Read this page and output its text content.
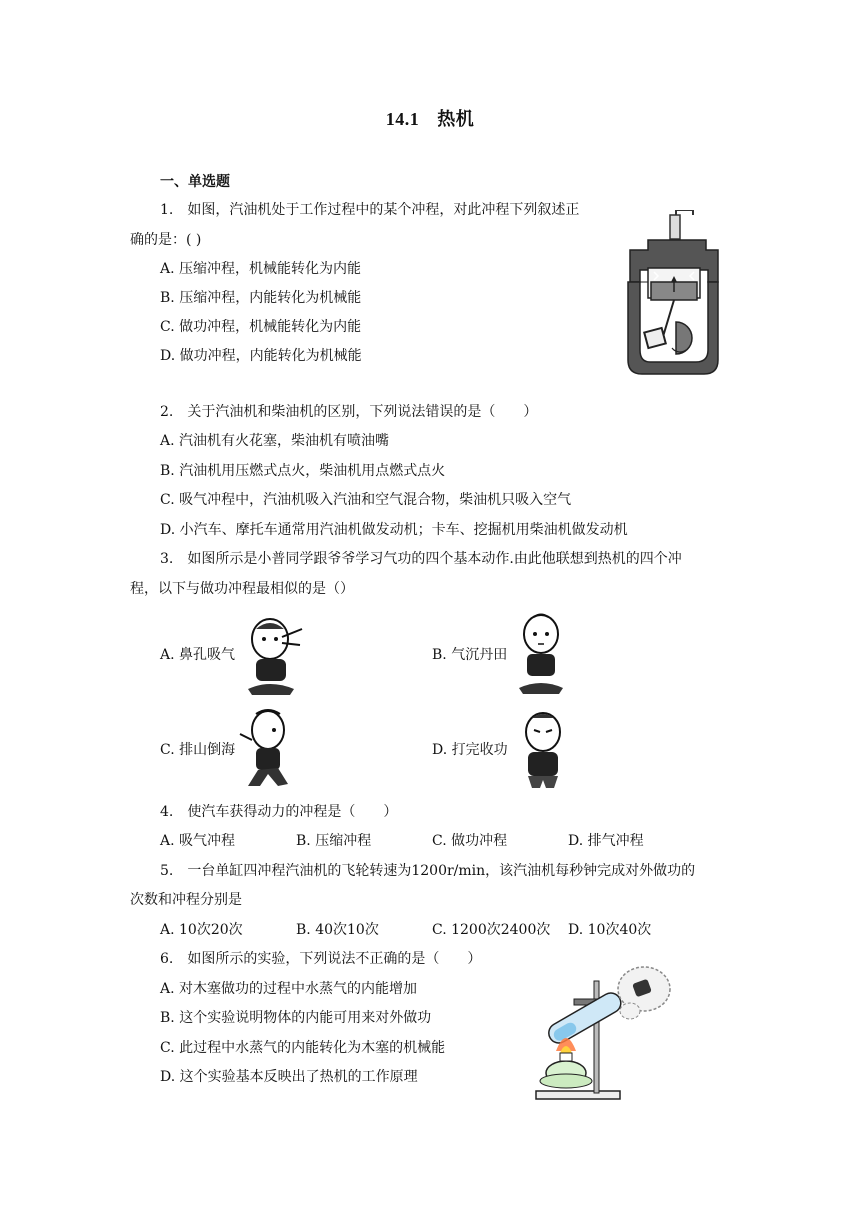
14.1 热机
一、单选题
1.　如图，汽油机处于工作过程中的某个冲程，对此冲程下列叙述正
确的是：( )
A. 压缩冲程，机械能转化为内能
B. 压缩冲程，内能转化为机械能
C. 做功冲程，机械能转化为内能
D. 做功冲程，内能转化为机械能
2.　关于汽油机和柴油机的区别，下列说法错误的是（　　）
A. 汽油机有火花塞，柴油机有喷油嘴
B. 汽油机用压燃式点火，柴油机用点燃式点火
C. 吸气冲程中，汽油机吸入汽油和空气混合物，柴油机只吸入空气
D. 小汽车、摩托车通常用汽油机做发动机；卡车、挖掘机用柴油机做发动机
3.　如图所示是小普同学跟爷爷学习气功的四个基本动作.由此他联想到热机的四个冲
程，以下与做功冲程最相似的是（）
A. 鼻孔吸气	B. 气沉丹田
C. 排山倒海	D. 打完收功
4.　使汽车获得动力的冲程是（　　）
A. 吸气冲程	B. 压缩冲程	C. 做功冲程	D. 排气冲程
5.　一台单缸四冲程汽油机的飞轮转速为1200r/min，该汽油机每秒钟完成对外做功的
次数和冲程分别是
A. 10次20次	B. 40次10次	C. 1200次2400次 D. 10次40次
6.　如图所示的实验，下列说法不正确的是（　　）
A. 对木塞做功的过程中水蒸气的内能增加
B. 这个实验说明物体的内能可用来对外做功
C. 此过程中水蒸气的内能转化为木塞的机械能
D. 这个实验基本反映出了热机的工作原理
